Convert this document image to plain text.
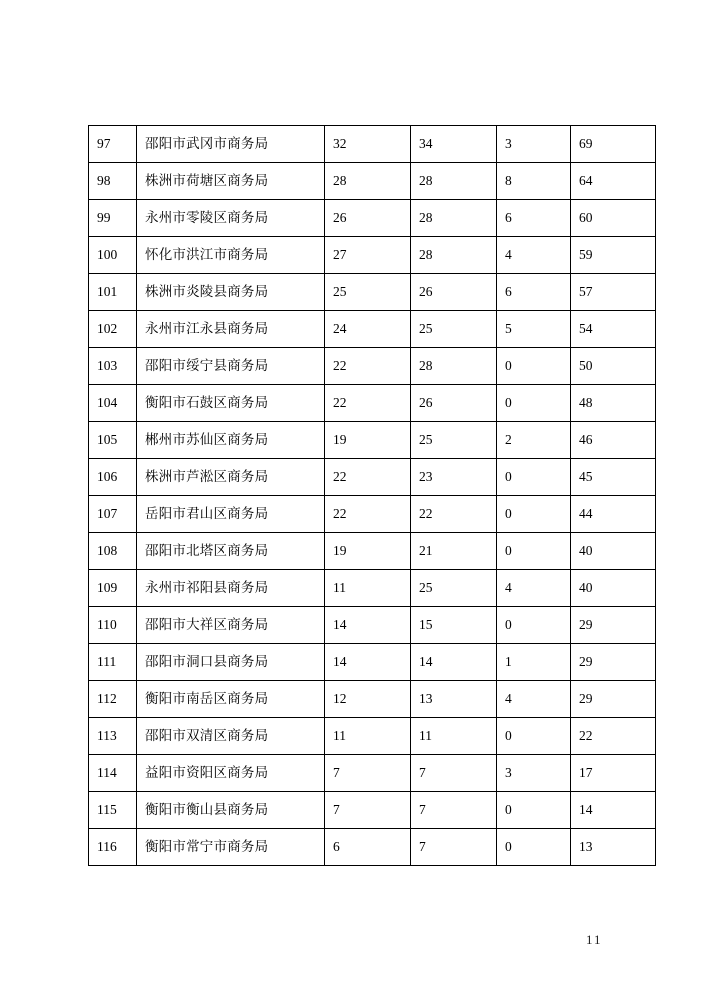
97	邵阳市武冈市商务局	32	34	3	69
98	株洲市荷塘区商务局	28	28	8	64
99	永州市零陵区商务局	26	28	6	60
100	怀化市洪江市商务局	27	28	4	59
101	株洲市炎陵县商务局	25	26	6	57
102	永州市江永县商务局	24	25	5	54
103	邵阳市绥宁县商务局	22	28	0	50
104	衡阳市石鼓区商务局	22	26	0	48
105	郴州市苏仙区商务局	19	25	2	46
106	株洲市芦淞区商务局	22	23	0	45
107	岳阳市君山区商务局	22	22	0	44
108	邵阳市北塔区商务局	19	21	0	40
109	永州市祁阳县商务局	11	25	4	40
110	邵阳市大祥区商务局	14	15	0	29
111	邵阳市洞口县商务局	14	14	1	29
112	衡阳市南岳区商务局	12	13	4	29
113	邵阳市双清区商务局	11	11	0	22
114	益阳市资阳区商务局	7	7	3	17
115	衡阳市衡山县商务局	7	7	0	14
116	衡阳市常宁市商务局	6	7	0	13
11
